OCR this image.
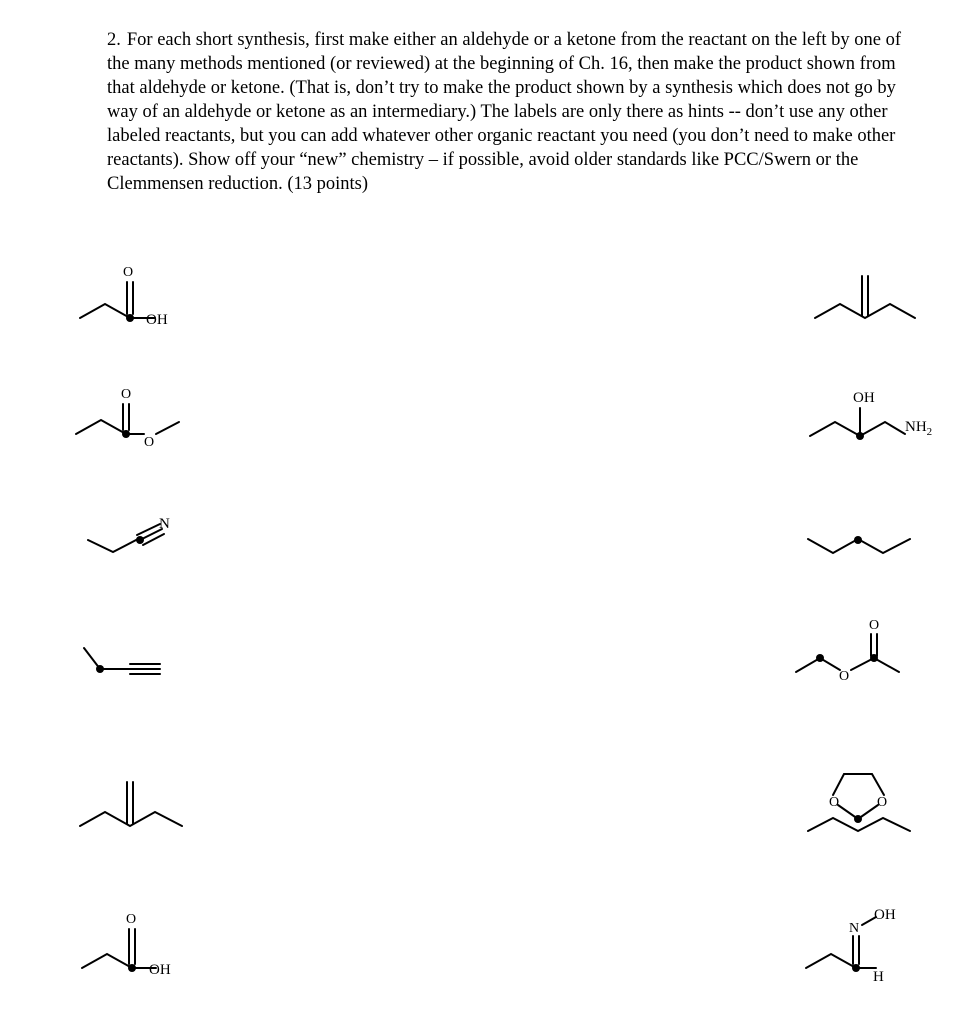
2. For each short synthesis, first make either an aldehyde or a ketone from the reactant on the left by one of the many methods mentioned (or reviewed) at the beginning of Ch. 16, then make the product shown from that aldehyde or ketone. (That is, don’t try to make the product shown by a synthesis which does not go by way of an aldehyde or ketone as an intermediary.) The labels are only there as hints -- don’t use any other labeled reactants, but you can add whatever other organic reactant you need (you don’t need to make other reactants). Show off your “new” chemistry – if possible, avoid older standards like PCC/Swern or the Clemmensen reduction. (13 points)
O
OH
O
O
OH
$NH_2$
N
O
O
O	O
O
OH
N
OH
H
